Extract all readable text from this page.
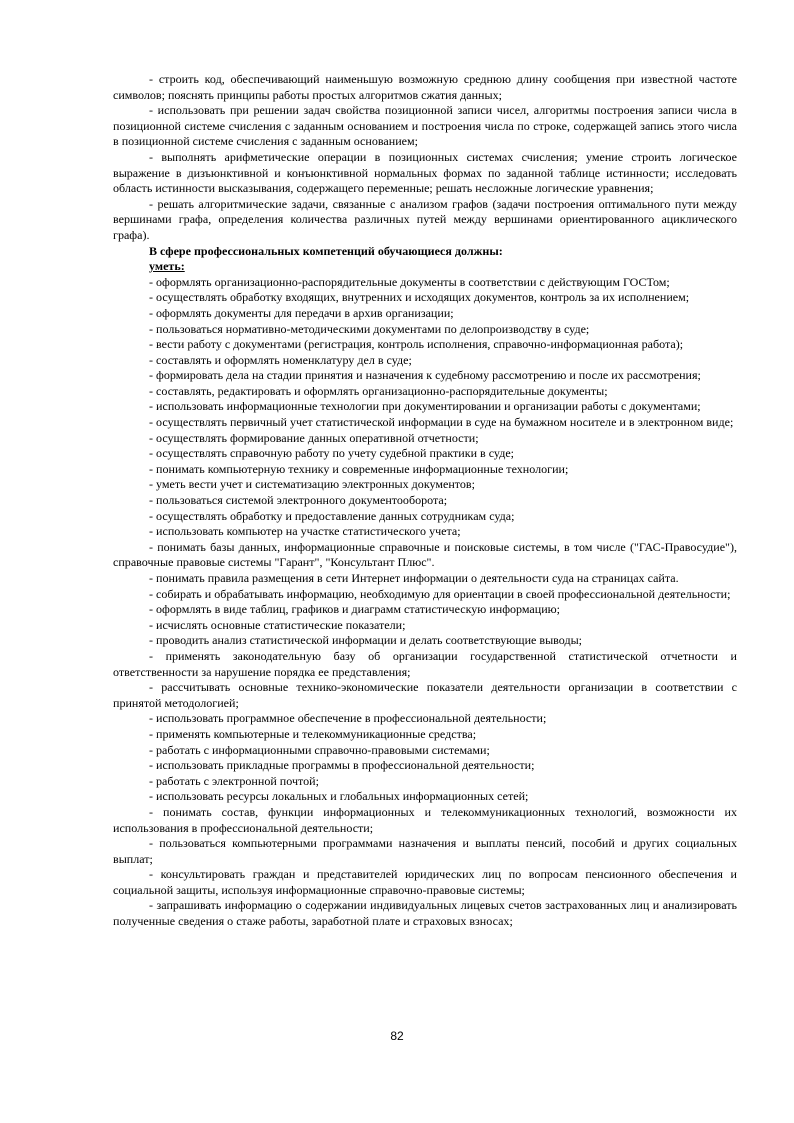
- строить код, обеспечивающий наименьшую возможную среднюю длину сообщения при известной частоте символов; пояснять принципы работы простых алгоритмов сжатия данных;

- использовать при решении задач свойства позиционной записи чисел, алгоритмы построения записи числа в позиционной системе счисления с заданным основанием и построения числа по строке, содержащей запись этого числа в позиционной системе счисления с заданным основанием;

- выполнять арифметические операции в позиционных системах счисления; умение строить логическое выражение в дизъюнктивной и конъюнктивной нормальных формах по заданной таблице истинности; исследовать область истинности высказывания, содержащего переменные; решать несложные логические уравнения;

- решать алгоритмические задачи, связанные с анализом графов (задачи построения оптимального пути между вершинами графа, определения количества различных путей между вершинами ориентированного ациклического графа).

В сфере профессиональных компетенций обучающиеся должны:

уметь:

- оформлять организационно-распорядительные документы в соответствии с действующим ГОСТом;

- осуществлять обработку входящих, внутренних и исходящих документов, контроль за их исполнением;

- оформлять документы для передачи в архив организации;

- пользоваться нормативно-методическими документами по делопроизводству в суде;

- вести работу с документами (регистрация, контроль исполнения, справочно-информационная работа);

- составлять и оформлять номенклатуру дел в суде;

- формировать дела на стадии принятия и назначения к судебному рассмотрению и после их рассмотрения;

- составлять, редактировать и оформлять организационно-распорядительные документы;

- использовать информационные технологии при документировании и организации работы с документами;

- осуществлять первичный учет статистической информации в суде на бумажном носителе и в электронном виде;

- осуществлять формирование данных оперативной отчетности;

- осуществлять справочную работу по учету судебной практики в суде;

- понимать компьютерную технику и современные информационные технологии;

- уметь вести учет и систематизацию электронных документов;

- пользоваться системой электронного документооборота;

- осуществлять обработку и предоставление данных сотрудникам суда;

- использовать компьютер на участке статистического учета;

- понимать базы данных, информационные справочные и поисковые системы, в том числе ("ГАС-Правосудие"), справочные правовые системы "Гарант", "Консультант Плюс".

- понимать правила размещения в сети Интернет информации о деятельности суда на страницах сайта.

- собирать и обрабатывать информацию, необходимую для ориентации в своей профессиональной деятельности;

- оформлять в виде таблиц, графиков и диаграмм статистическую информацию;

- исчислять основные статистические показатели;

- проводить анализ статистической информации и делать соответствующие выводы;

- применять законодательную базу об организации государственной статистической отчетности и ответственности за нарушение порядка ее представления;

- рассчитывать основные технико-экономические показатели деятельности организации в соответствии с принятой методологией;

- использовать программное обеспечение в профессиональной деятельности;

- применять компьютерные и телекоммуникационные средства;

- работать с информационными справочно-правовыми системами;

- использовать прикладные программы в профессиональной деятельности;

- работать с электронной почтой;

- использовать ресурсы локальных и глобальных информационных сетей;

- понимать состав, функции информационных и телекоммуникационных технологий, возможности их использования в профессиональной деятельности;

- пользоваться компьютерными программами назначения и выплаты пенсий, пособий и других социальных выплат;

- консультировать граждан и представителей юридических лиц по вопросам пенсионного обеспечения и социальной защиты, используя информационные справочно-правовые системы;

- запрашивать информацию о содержании индивидуальных лицевых счетов застрахованных лиц и анализировать полученные сведения о стаже работы, заработной плате и страховых взносах;

82
